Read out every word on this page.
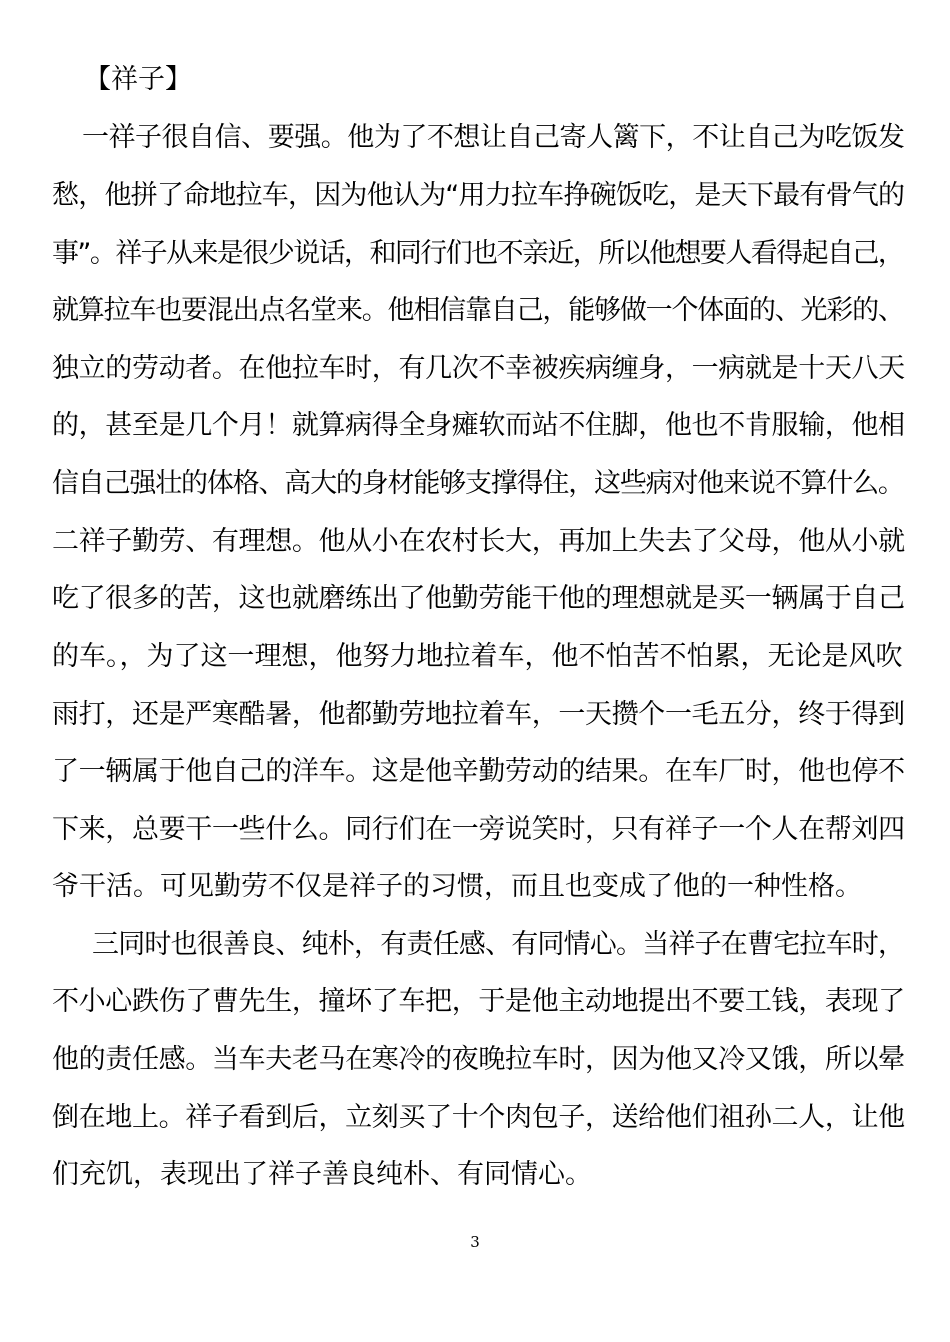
【祥子】
一祥子很自信、要强。他为了不想让自己寄人篱下，不让自己为吃饭发
愁，他拼了命地拉车，因为他认为“用力拉车挣碗饭吃，是天下最有骨气的
事”。祥子从来是很少说话，和同行们也不亲近，所以他想要人看得起自己，
就算拉车也要混出点名堂来。他相信靠自己，能够做一个体面的、光彩的、
独立的劳动者。在他拉车时，有几次不幸被疾病缠身，一病就是十天八天
的，甚至是几个月！就算病得全身瘫软而站不住脚，他也不肯服输，他相
信自己强壮的体格、高大的身材能够支撑得住，这些病对他来说不算什么。
二祥子勤劳、有理想。他从小在农村长大，再加上失去了父母，他从小就
吃了很多的苦，这也就磨练出了他勤劳能干他的理想就是买一辆属于自己
的车。，为了这一理想，他努力地拉着车，他不怕苦不怕累，无论是风吹
雨打，还是严寒酷暑，他都勤劳地拉着车，一天攒个一毛五分，终于得到
了一辆属于他自己的洋车。这是他辛勤劳动的结果。在车厂时，他也停不
下来，总要干一些什么。同行们在一旁说笑时，只有祥子一个人在帮刘四
爷干活。可见勤劳不仅是祥子的习惯，而且也变成了他的一种性格。
三同时也很善良、纯朴，有责任感、有同情心。当祥子在曹宅拉车时，
不小心跌伤了曹先生，撞坏了车把，于是他主动地提出不要工钱，表现了
他的责任感。当车夫老马在寒冷的夜晚拉车时，因为他又冷又饿，所以晕
倒在地上。祥子看到后，立刻买了十个肉包子，送给他们祖孙二人，让他
们充饥，表现出了祥子善良纯朴、有同情心。
3
